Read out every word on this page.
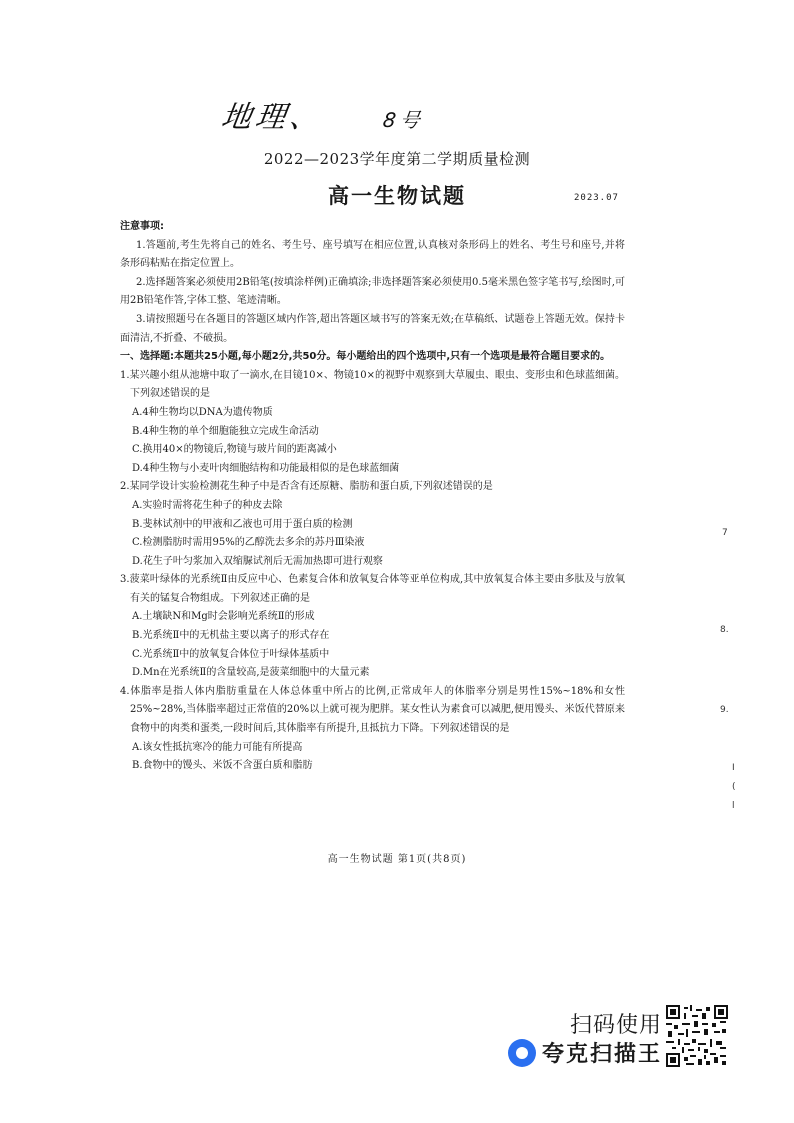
地理、	8号
2022—2023学年度第二学期质量检测
高一生物试题	2023.07

注意事项:

1.答题前,考生先将自己的姓名、考生号、座号填写在相应位置,认真核对条形码上的姓名、考生号和座号,并将条形码粘贴在指定位置上。

2.选择题答案必须使用2B铅笔(按填涂样例)正确填涂;非选择题答案必须使用0.5毫米黑色签字笔书写,绘图时,可用2B铅笔作答,字体工整、笔迹清晰。

3.请按照题号在各题目的答题区域内作答,超出答题区域书写的答案无效;在草稿纸、试题卷上答题无效。保持卡面清洁,不折叠、不破损。

一、选择题:本题共25小题,每小题2分,共50分。每小题给出的四个选项中,只有一个选项是最符合题目要求的。

1.某兴趣小组从池塘中取了一滴水,在目镜10×、物镜10×的视野中观察到大草履虫、眼虫、变形虫和色球蓝细菌。下列叙述错误的是

A.4种生物均以DNA为遗传物质

B.4种生物的单个细胞能独立完成生命活动

C.换用40×的物镜后,物镜与玻片间的距离减小

D.4种生物与小麦叶肉细胞结构和功能最相似的是色球蓝细菌

2.某同学设计实验检测花生种子中是否含有还原糖、脂肪和蛋白质,下列叙述错误的是

A.实验时需将花生种子的种皮去除

B.斐林试剂中的甲液和乙液也可用于蛋白质的检测

C.检测脂肪时需用95%的乙醇洗去多余的苏丹Ⅲ染液

D.花生子叶匀浆加入双缩脲试剂后无需加热即可进行观察

3.菠菜叶绿体的光系统Ⅱ由反应中心、色素复合体和放氧复合体等亚单位构成,其中放氧复合体主要由多肽及与放氧有关的锰复合物组成。下列叙述正确的是

A.土壤缺N和Mg时会影响光系统Ⅱ的形成

B.光系统Ⅱ中的无机盐主要以离子的形式存在

C.光系统Ⅱ中的放氧复合体位于叶绿体基质中

D.Mn在光系统Ⅱ的含量较高,是菠菜细胞中的大量元素

4.体脂率是指人体内脂肪重量在人体总体重中所占的比例,正常成年人的体脂率分别是男性15%~18%和女性25%~28%,当体脂率超过正常值的20%以上就可视为肥胖。某女性认为素食可以减肥,便用馒头、米饭代替原来食物中的肉类和蛋类,一段时间后,其体脂率有所提升,且抵抗力下降。下列叙述错误的是

A.该女性抵抗寒冷的能力可能有所提高

B.食物中的馒头、米饭不含蛋白质和脂肪

高一生物试题 第1页(共8页)
7
8.
9.
I
(
l
扫码使用
夸克扫描王
